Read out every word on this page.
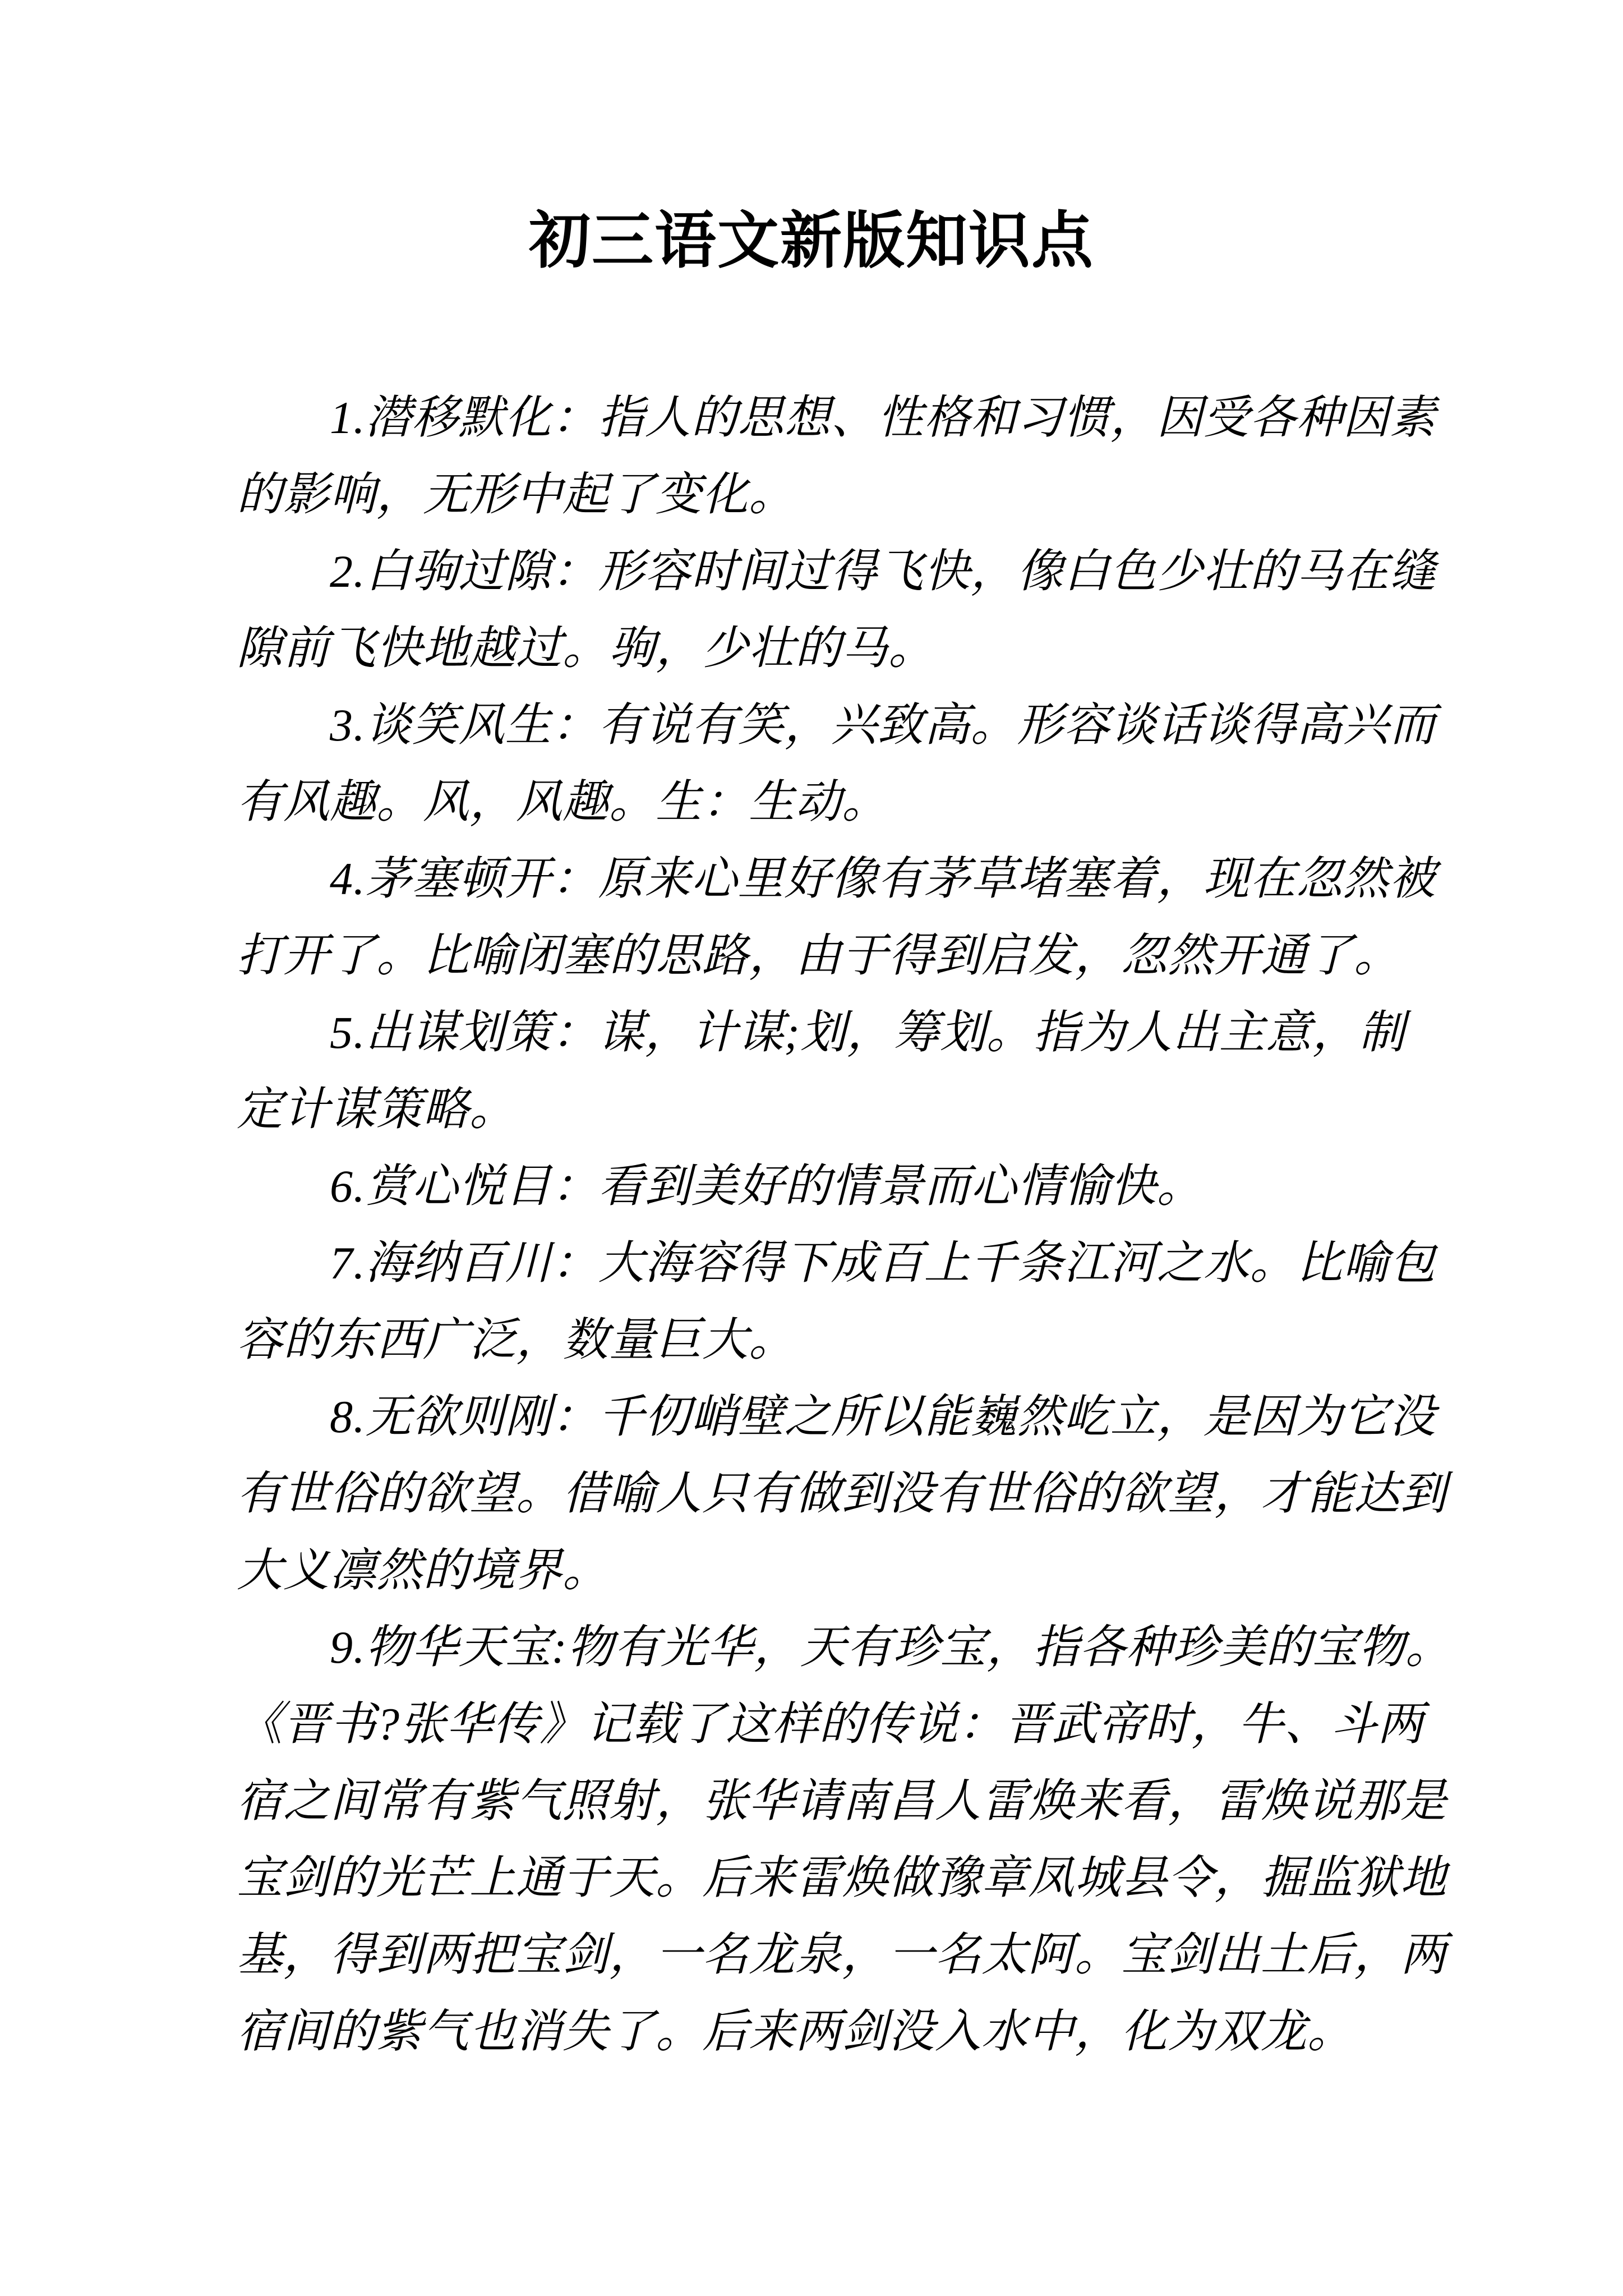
初三语文新版知识点
1.潜移默化：指人的思想、性格和习惯，因受各种因素
的影响，无形中起了变化。
2.白驹过隙：形容时间过得飞快，像白色少壮的马在缝
隙前飞快地越过。驹，少壮的马。
3.谈笑风生：有说有笑，兴致高。形容谈话谈得高兴而
有风趣。风，风趣。生：生动。
4.茅塞顿开：原来心里好像有茅草堵塞着，现在忽然被
打开了。比喻闭塞的思路，由于得到启发，忽然开通了。
5.出谋划策：谋，计谋;划，筹划。指为人出主意，制
定计谋策略。
6.赏心悦目：看到美好的情景而心情愉快。
7.海纳百川：大海容得下成百上千条江河之水。比喻包
容的东西广泛，数量巨大。
8.无欲则刚：千仞峭壁之所以能巍然屹立，是因为它没
有世俗的欲望。借喻人只有做到没有世俗的欲望，才能达到
大义凛然的境界。
9.物华天宝:物有光华，天有珍宝，指各种珍美的宝物。
《晋书?张华传》记载了这样的传说：晋武帝时，牛、斗两
宿之间常有紫气照射，张华请南昌人雷焕来看，雷焕说那是
宝剑的光芒上通于天。后来雷焕做豫章凤城县令，掘监狱地
基，得到两把宝剑，一名龙泉，一名太阿。宝剑出土后，两
宿间的紫气也消失了。后来两剑没入水中，化为双龙。
